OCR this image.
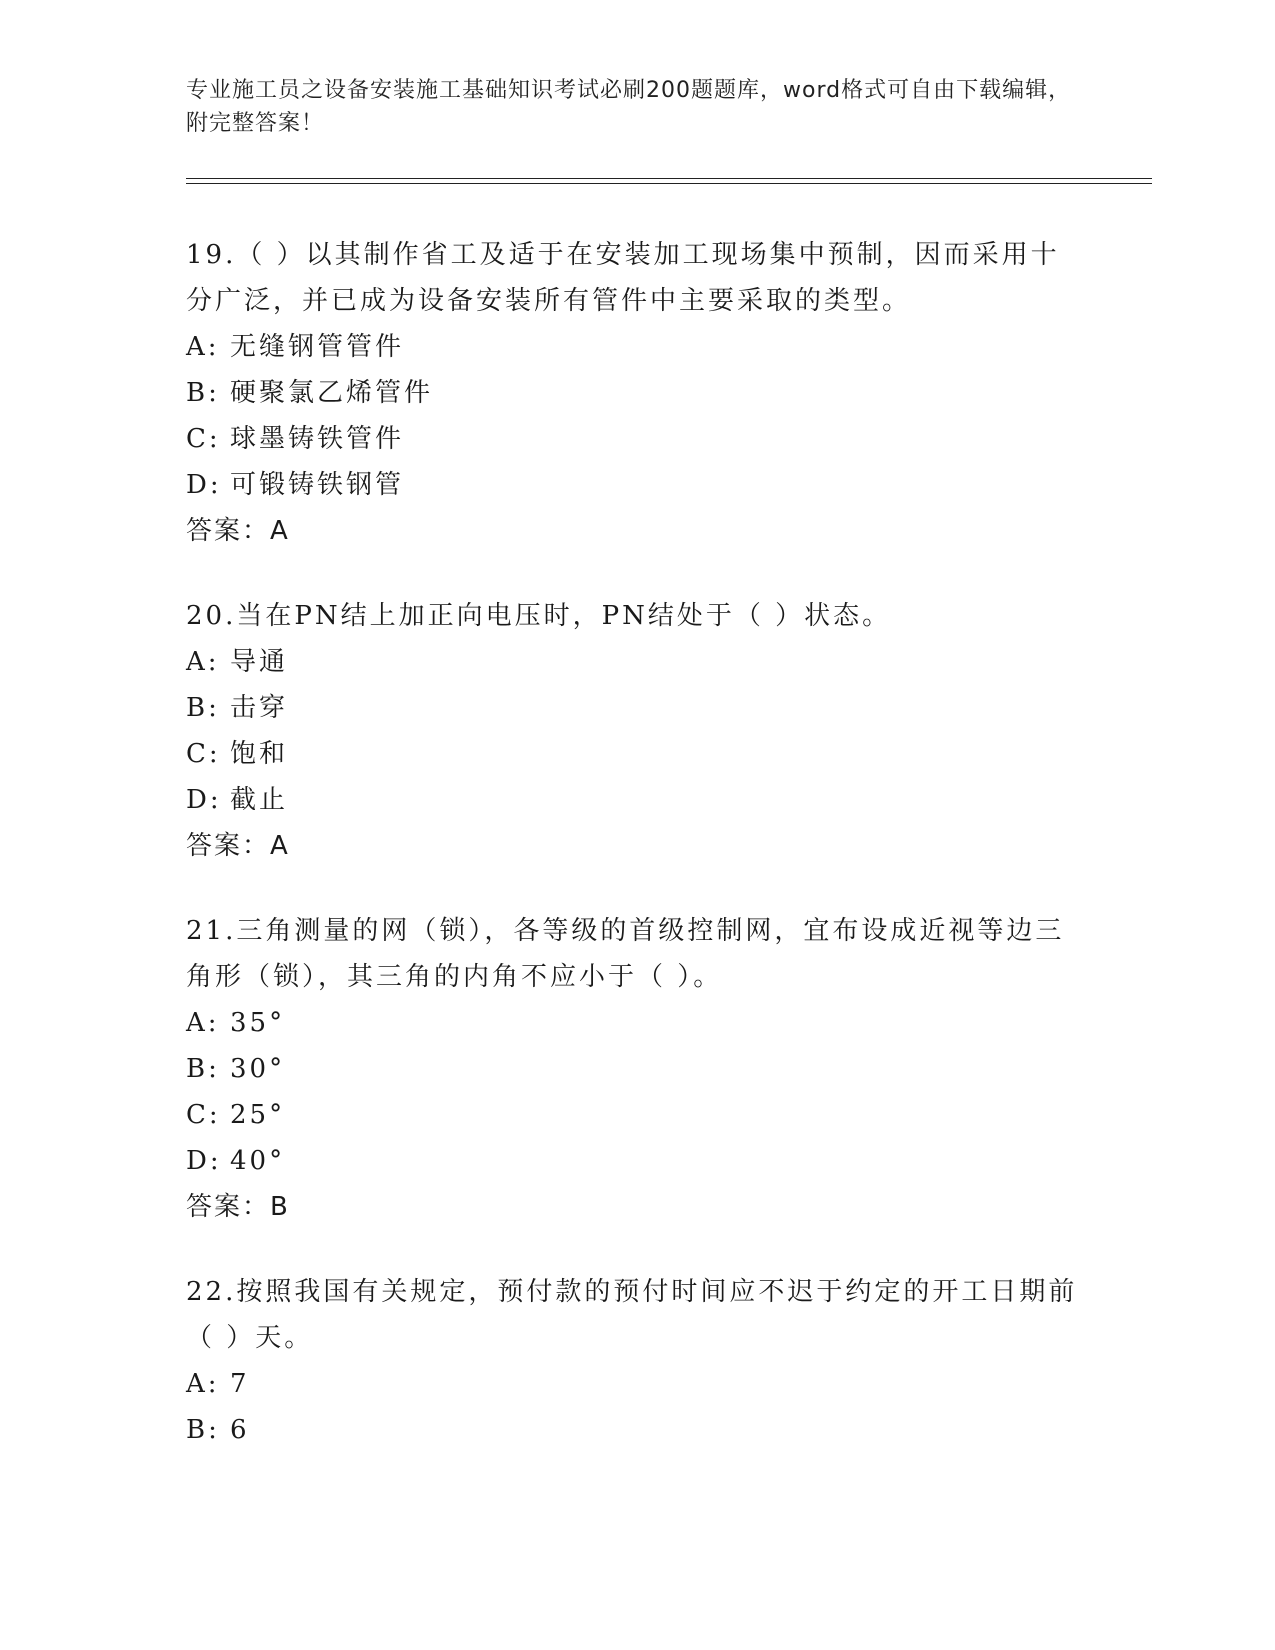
专业施工员之设备安装施工基础知识考试必刷200题题库，word格式可自由下载编辑，附完整答案！

19.（ ）以其制作省工及适于在安装加工现场集中预制，因而采用十分广泛，并已成为设备安装所有管件中主要采取的类型。

A: 无缝钢管管件

B: 硬聚氯乙烯管件

C: 球墨铸铁管件

D: 可锻铸铁钢管

答案：A

20.当在PN结上加正向电压时，PN结处于（ ）状态。

A: 导通

B: 击穿

C: 饱和

D: 截止

答案：A

21.三角测量的网（锁），各等级的首级控制网，宜布设成近视等边三角形（锁），其三角的内角不应小于（ ）。

A: 35°

B: 30°

C: 25°

D: 40°

答案：B

22.按照我国有关规定，预付款的预付时间应不迟于约定的开工日期前（ ）天。

A: 7

B: 6
